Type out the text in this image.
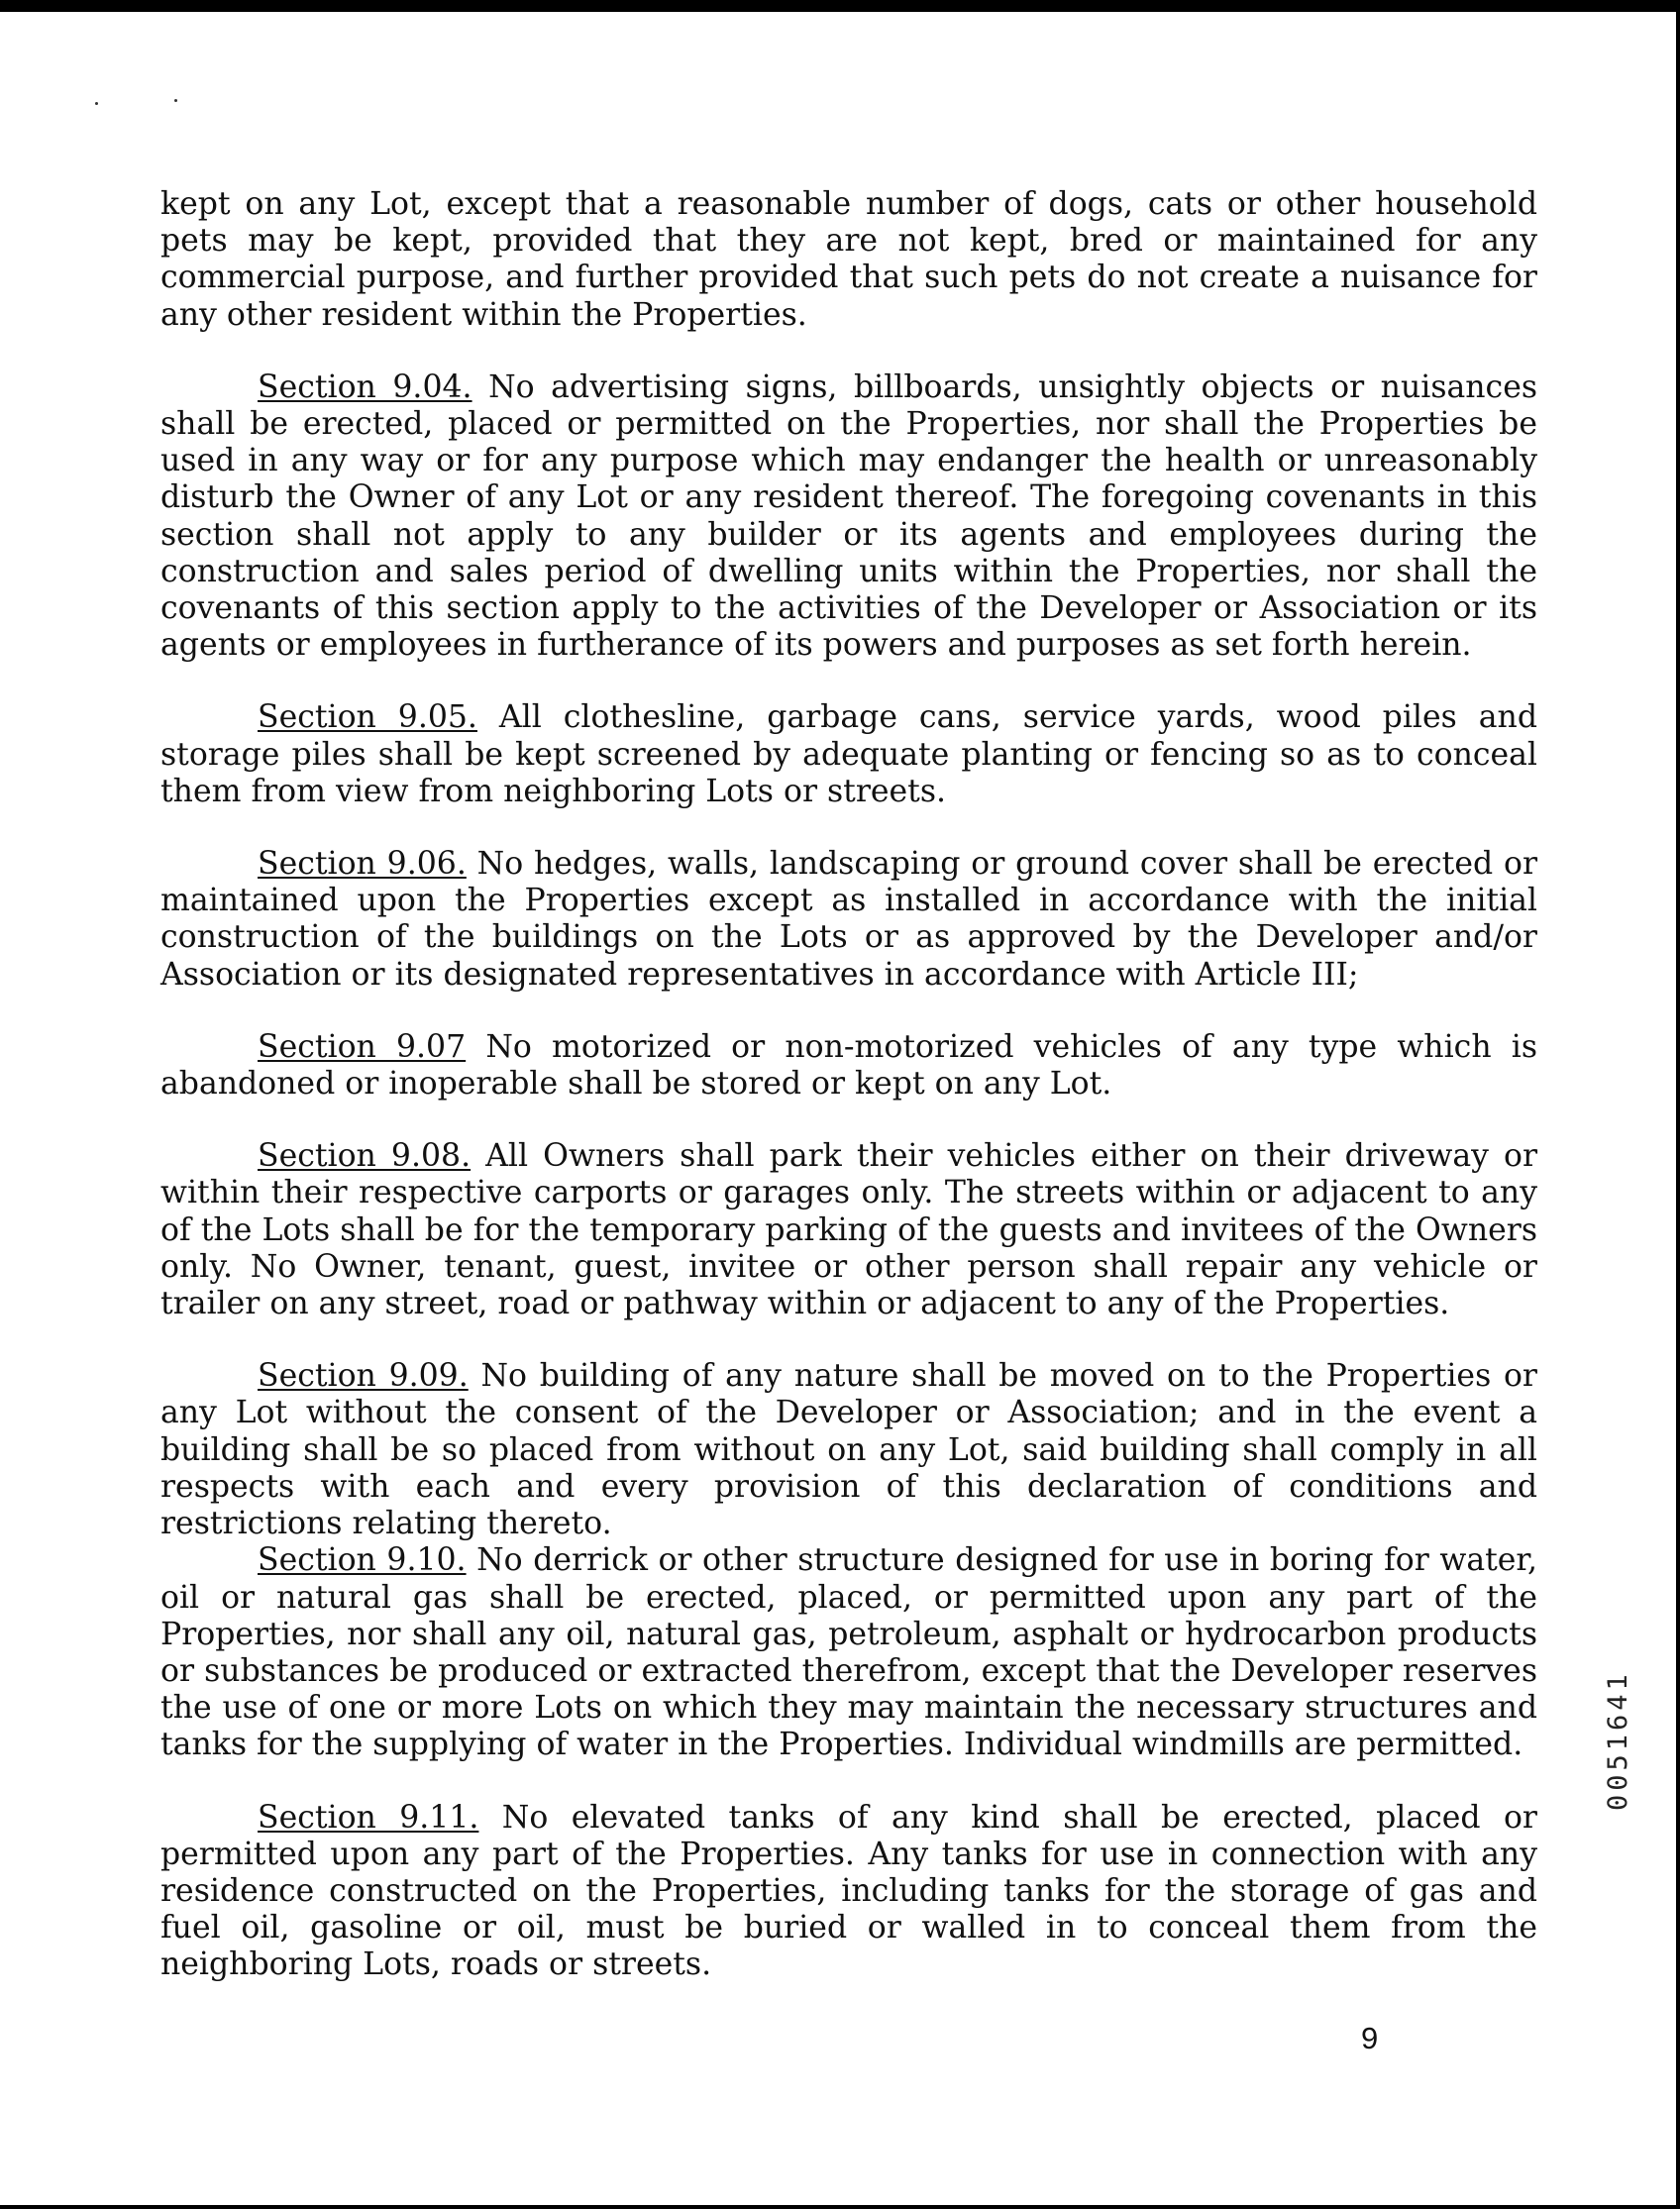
kept on any Lot, except that a reasonable number of dogs, cats or other household pets may be kept, provided that they are not kept, bred or maintained for any commercial purpose, and further provided that such pets do not create a nuisance for any other resident within the Properties.

Section 9.04. No advertising signs, billboards, unsightly objects or nuisances shall be erected, placed or permitted on the Properties, nor shall the Properties be used in any way or for any purpose which may endanger the health or unreasonably disturb the Owner of any Lot or any resident thereof. The foregoing covenants in this section shall not apply to any builder or its agents and employees during the construction and sales period of dwelling units within the Properties, nor shall the covenants of this section apply to the activities of the Developer or Association or its agents or employees in furtherance of its powers and purposes as set forth herein.

Section 9.05. All clothesline, garbage cans, service yards, wood piles and storage piles shall be kept screened by adequate planting or fencing so as to conceal them from view from neighboring Lots or streets.

Section 9.06. No hedges, walls, landscaping or ground cover shall be erected or maintained upon the Properties except as installed in accordance with the initial construction of the buildings on the Lots or as approved by the Developer and/or Association or its designated representatives in accordance with Article III;

Section 9.07 No motorized or non-motorized vehicles of any type which is abandoned or inoperable shall be stored or kept on any Lot.

Section 9.08. All Owners shall park their vehicles either on their driveway or within their respective carports or garages only. The streets within or adjacent to any of the Lots shall be for the temporary parking of the guests and invitees of the Owners only. No Owner, tenant, guest, invitee or other person shall repair any vehicle or trailer on any street, road or pathway within or adjacent to any of the Properties.

Section 9.09. No building of any nature shall be moved on to the Properties or any Lot without the consent of the Developer or Association; and in the event a building shall be so placed from without on any Lot, said building shall comply in all respects with each and every provision of this declaration of conditions and restrictions relating thereto.

Section 9.10. No derrick or other structure designed for use in boring for water, oil or natural gas shall be erected, placed, or permitted upon any part of the Properties, nor shall any oil, natural gas, petroleum, asphalt or hydrocarbon products or substances be produced or extracted therefrom, except that the Developer reserves the use of one or more Lots on which they may maintain the necessary structures and tanks for the supplying of water in the Properties. Individual windmills are permitted.

Section 9.11. No elevated tanks of any kind shall be erected, placed or permitted upon any part of the Properties. Any tanks for use in connection with any residence constructed on the Properties, including tanks for the storage of gas and fuel oil, gasoline or oil, must be buried or walled in to conceal them from the neighboring Lots, roads or streets.

0051641
9
